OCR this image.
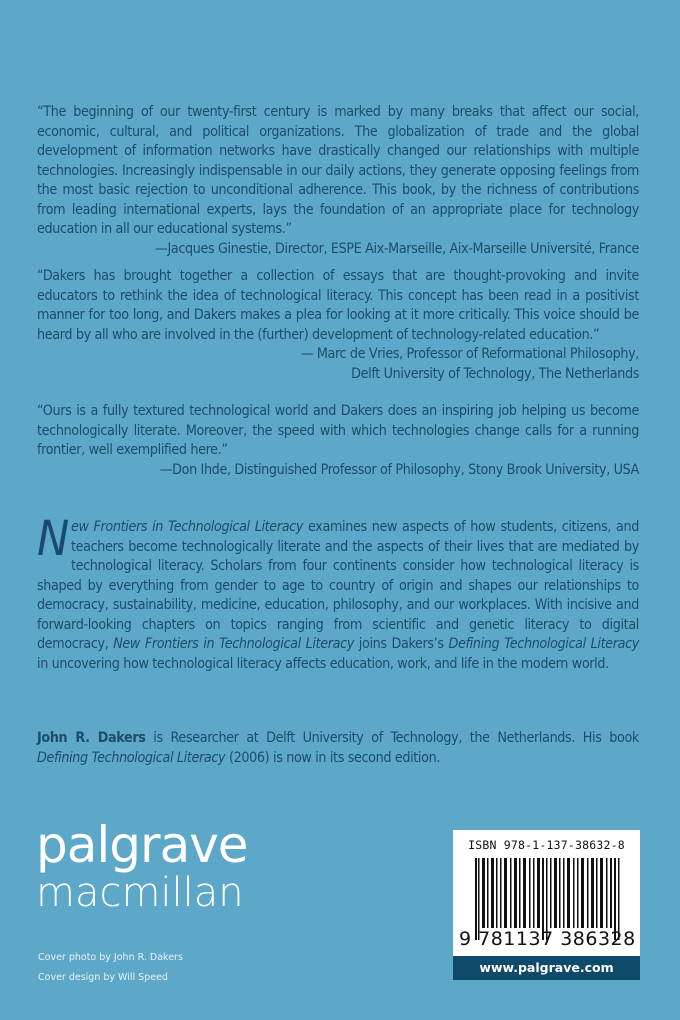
“The beginning of our twenty-first century is marked by many breaks that affect our social, economic, cultural, and political organizations. The globalization of trade and the global development of information networks have drastically changed our relationships with multiple technologies. Increasingly indispensable in our daily actions, they generate opposing feelings from the most basic rejection to unconditional adherence. This book, by the richness of contributions from leading international experts, lays the foundation of an appropriate place for technology education in all our educational systems.”

—Jacques Ginestie, Director, ESPE Aix-Marseille, Aix-Marseille Université, France

“Dakers has brought together a collection of essays that are thought-provoking and invite educators to rethink the idea of technological literacy. This concept has been read in a positivist manner for too long, and Dakers makes a plea for looking at it more critically. This voice should be heard by all who are involved in the (further) development of technology-related education.”

— Marc de Vries, Professor of Reformational Philosophy,

Delft University of Technology, The Netherlands

“Ours is a fully textured technological world and Dakers does an inspiring job helping us become technologically literate. Moreover, the speed with which technologies change calls for a running frontier, well exemplified here.”

—Don Ihde, Distinguished Professor of Philosophy, Stony Brook University, USA

New Frontiers in Technological Literacy examines new aspects of how students, citizens, and teachers become technologically literate and the aspects of their lives that are mediated by technological literacy. Scholars from four continents consider how technological literacy is shaped by everything from gender to age to country of origin and shapes our relationships to democracy, sustainability, medicine, education, philosophy, and our workplaces. With incisive and forward-looking chapters on topics ranging from scientific and genetic literacy to digital democracy, New Frontiers in Technological Literacy joins Dakers’s Defining Technological Literacy in uncovering how technological literacy affects education, work, and life in the modern world.

John R. Dakers is Researcher at Delft University of Technology, the Netherlands. His book Defining Technological Literacy (2006) is now in its second edition.

palgrave
macmillan
Cover photo by John R. Dakers
Cover design by Will Speed
ISBN 978-1-137-38632-8
9 781137 386328
www.palgrave.com
